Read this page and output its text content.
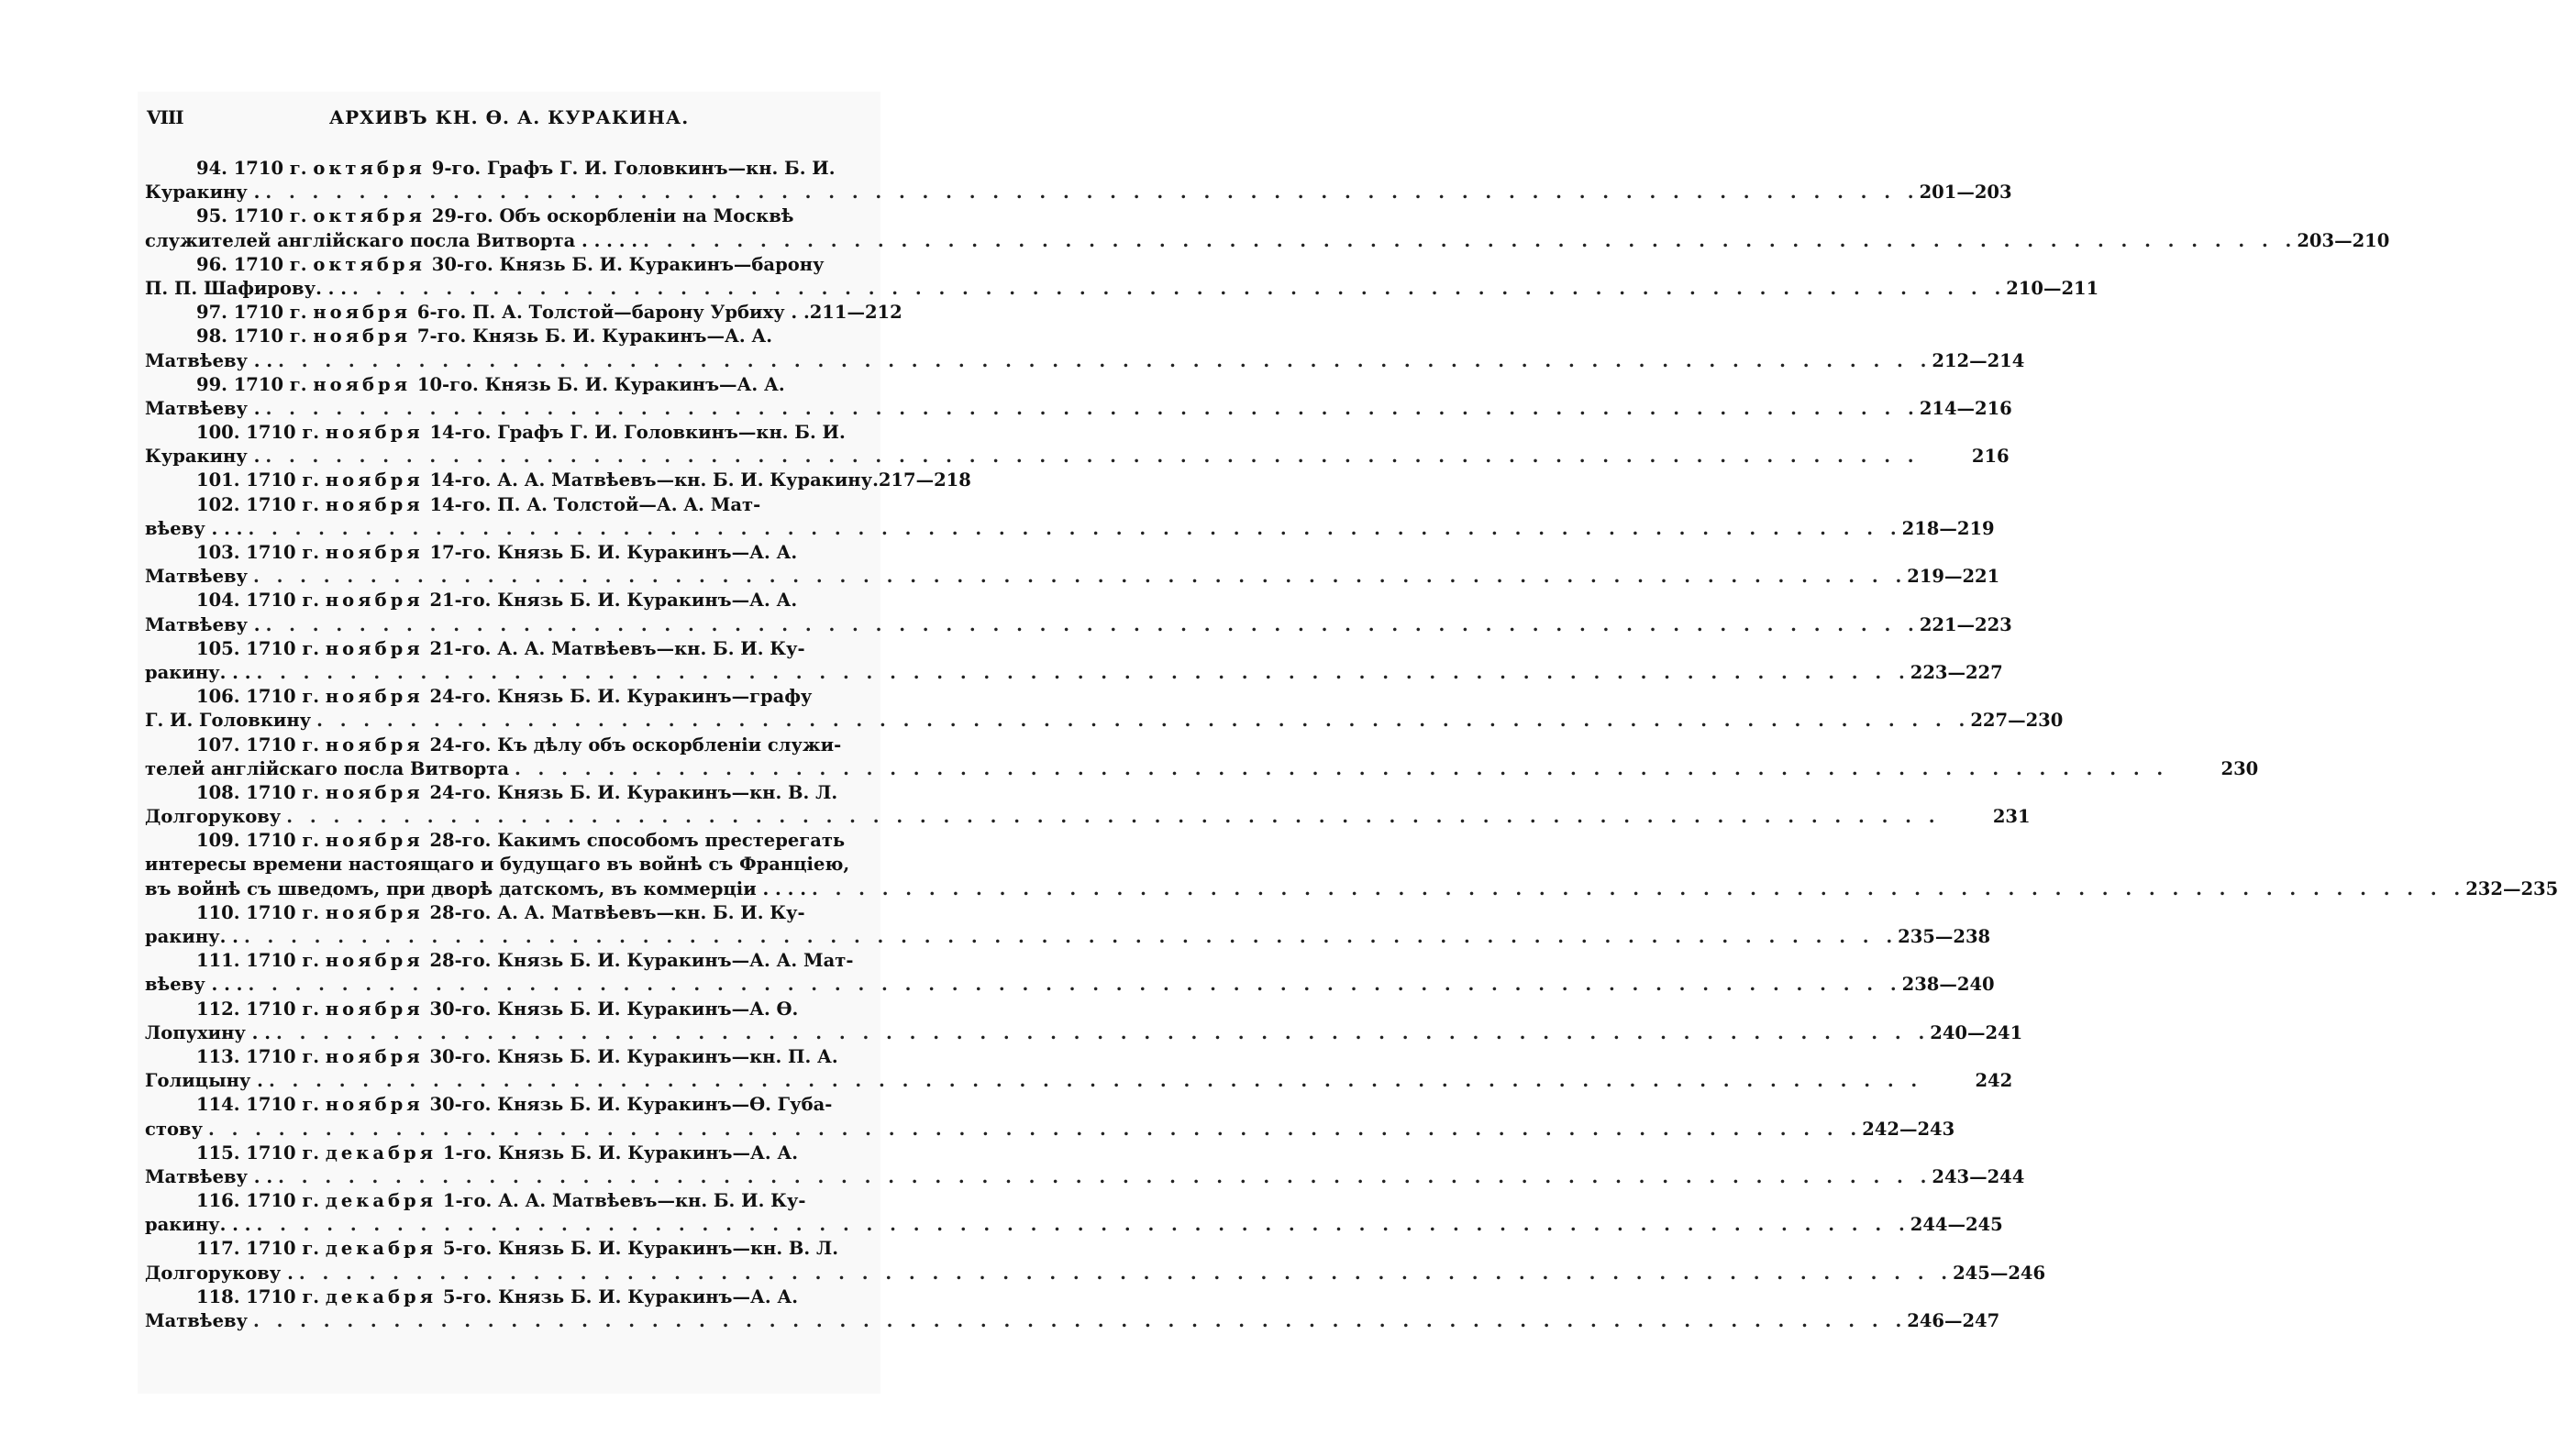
VIII	АРХИВЪ КН. Ѳ. А. КУРАКИНА.
94. 1710 г. октября 9-го. Графъ Г. И. Головкинъ—кн. Б. И.
Куракину . . . .	201—203
95. 1710 г. октября 29-го. Объ оскорбленіи на Москвѣ
служителей англійскаго посла Витворта . . . . . . . .	203—210
96. 1710 г. октября 30-го. Князь Б. И. Куракинъ—барону
П. П. Шафирову. . . . . .	210—211
97. 1710 г. ноября 6-го. П. А. Толстой—барону Урбиху . . 211—212
98. 1710 г. ноября 7-го. Князь Б. И. Куракинъ—А. А.
Матвѣеву . . . . .	212—214
99. 1710 г. ноября 10-го. Князь Б. И. Куракинъ—А. А.
Матвѣеву . . . .	214—216
100. 1710 г. ноября 14-го. Графъ Г. И. Головкинъ—кн. Б. И.
Куракину . . . .	216
101. 1710 г. ноября 14-го. А. А. Матвѣевъ—кн. Б. И. Куракину. 217—218
102. 1710 г. ноября 14-го. П. А. Толстой—А. А. Мат-
вѣеву . . . . . .	218—219
103. 1710 г. ноября 17-го. Князь Б. И. Куракинъ—А. А.
Матвѣеву . . .	219—221
104. 1710 г. ноября 21-го. Князь Б. И. Куракинъ—А. А.
Матвѣеву . . . .	221—223
105. 1710 г. ноября 21-го. А. А. Матвѣевъ—кн. Б. И. Ку-
ракину. . . . . .	223—227
106. 1710 г. ноября 24-го. Князь Б. И. Куракинъ—графу
Г. И. Головкину . . .	227—230
107. 1710 г. ноября 24-го. Къ дѣлу объ оскорбленіи служи-
телей англійскаго посла Витворта . . .	230
108. 1710 г. ноября 24-го. Князь Б. И. Куракинъ—кн. В. Л.
Долгорукову . . .	231
109. 1710 г. ноября 28-го. Какимъ способомъ престерегать
интересы времени настоящаго и будущаго въ войнѣ съ Франціею,
въ войнѣ съ шведомъ, при дворѣ датскомъ, въ коммерціи . . . . . . .	232—235
110. 1710 г. ноября 28-го. А. А. Матвѣевъ—кн. Б. И. Ку-
ракину. . . . .	235—238
111. 1710 г. ноября 28-го. Князь Б. И. Куракинъ—А. А. Мат-
вѣеву . . . . . .	238—240
112. 1710 г. ноября 30-го. Князь Б. И. Куракинъ—А. Ѳ.
Лопухину . . . . .	240—241
113. 1710 г. ноября 30-го. Князь Б. И. Куракинъ—кн. П. А.
Голицыну . . . .	242
114. 1710 г. ноября 30-го. Князь Б. И. Куракинъ—Ѳ. Губа-
стову . . .	242—243
115. 1710 г. декабря 1-го. Князь Б. И. Куракинъ—А. А.
Матвѣеву . . . . .	243—244
116. 1710 г. декабря 1-го. А. А. Матвѣевъ—кн. Б. И. Ку-
ракину. . . . . .	244—245
117. 1710 г. декабря 5-го. Князь Б. И. Куракинъ—кн. В. Л.
Долгорукову . . . .	245—246
118. 1710 г. декабря 5-го. Князь Б. И. Куракинъ—А. А.
Матвѣеву . . .	246—247
